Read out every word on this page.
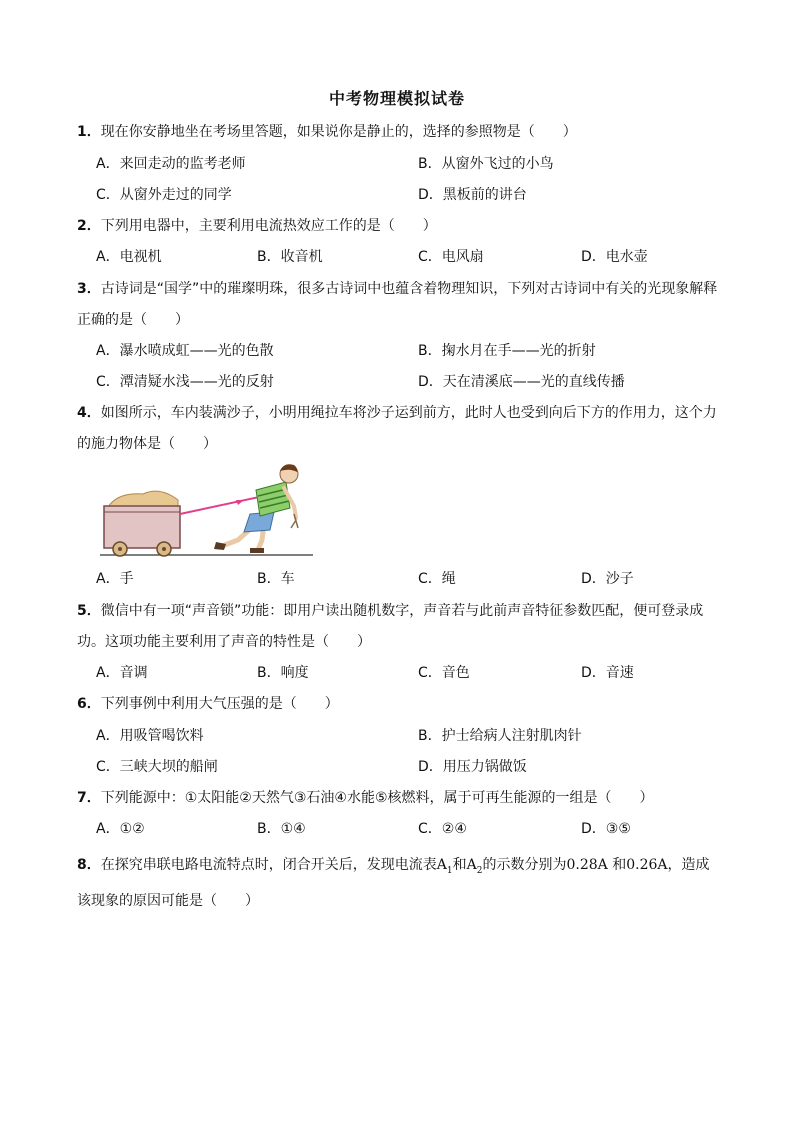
中考物理模拟试卷
1．现在你安静地坐在考场里答题，如果说你是静止的，选择的参照物是（　　）
A．来回走动的监考老师	B．从窗外飞过的小鸟
C．从窗外走过的同学	D．黑板前的讲台
2．下列用电器中，主要利用电流热效应工作的是（　　）
A．电视机	B．收音机	C．电风扇	D．电水壶
3．古诗词是“国学”中的璀璨明珠，很多古诗词中也蕴含着物理知识，下列对古诗词中有关的光现象解释
正确的是（　　）
A．瀑水喷成虹——光的色散	B．掬水月在手——光的折射
C．潭清疑水浅——光的反射	D．天在清溪底——光的直线传播
4．如图所示，车内装满沙子，小明用绳拉车将沙子运到前方，此时人也受到向后下方的作用力，这个力
的施力物体是（　　）
A．手	B．车	C．绳	D．沙子
5．微信中有一项“声音锁”功能：即用户读出随机数字，声音若与此前声音特征参数匹配，便可登录成
功。这项功能主要利用了声音的特性是（　　）
A．音调	B．响度	C．音色	D．音速
6．下列事例中利用大气压强的是（　　）
A．用吸管喝饮料	B．护士给病人注射肌肉针
C．三峡大坝的船闸	D．用压力锅做饭
7．下列能源中：①太阳能②天然气③石油④水能⑤核燃料，属于可再生能源的一组是（　　）
A．①②	B．①④	C．②④	D．③⑤
8．在探究串联电路电流特点时，闭合开关后，发现电流表$A_1$和$A_2$的示数分别为0.28A 和0.26A，造成
该现象的原因可能是（　　）
